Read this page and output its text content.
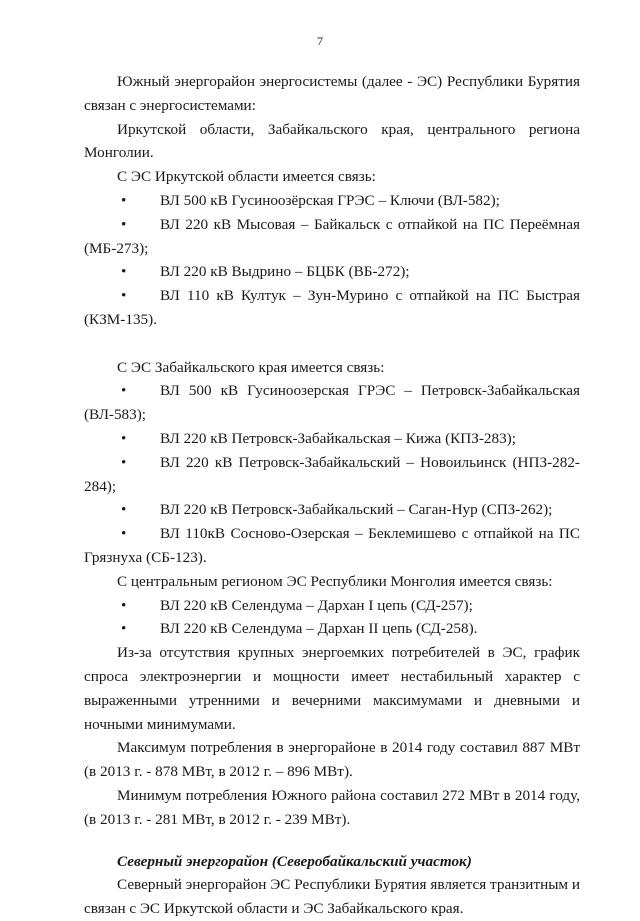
7

Южный энергорайон энергосистемы (далее - ЭС) Республики Бурятия связан с энергосистемами:

Иркутской области, Забайкальского края, центрального региона Монголии.

С ЭС Иркутской области имеется связь:

• ВЛ 500 кВ Гусиноозёрская ГРЭС – Ключи (ВЛ-582);

• ВЛ 220 кВ Мысовая – Байкальск с отпайкой на ПС Переёмная (МБ-273);

• ВЛ 220 кВ Выдрино – БЦБК (ВБ-272);

• ВЛ 110 кВ Култук – Зун-Мурино с отпайкой на ПС Быстрая (КЗМ-135).

С ЭС Забайкальского края имеется связь:

• ВЛ 500 кВ Гусиноозерская ГРЭС – Петровск-Забайкальская (ВЛ-583);

• ВЛ 220 кВ Петровск-Забайкальская – Кижа (КПЗ-283);

• ВЛ 220 кВ Петровск-Забайкальский – Новоильинск (НПЗ-282-284);

• ВЛ 220 кВ Петровск-Забайкальский – Саган-Нур (СПЗ-262);

• ВЛ 110кВ Сосново-Озерская – Беклемишево с отпайкой на ПС Грязнуха (СБ-123).

С центральным регионом ЭС Республики Монголия имеется связь:

• ВЛ 220 кВ Селендума – Дархан I цепь (СД-257);

• ВЛ 220 кВ Селендума – Дархан II цепь (СД-258).

Из-за отсутствия крупных энергоемких потребителей в ЭС, график спроса электроэнергии и мощности имеет нестабильный характер с выраженными утренними и вечерними максимумами и дневными и ночными минимумами.

Максимум потребления в энергорайоне в 2014 году составил 887 МВт (в 2013 г. - 878 МВт, в 2012 г. – 896 МВт).

Минимум потребления Южного района составил 272 МВт в 2014 году, (в 2013 г. - 281 МВт, в 2012 г. - 239 МВт).

Северный энергорайон (Северобайкальский участок)

Северный энергорайон ЭС Республики Бурятия является транзитным и связан с ЭС Иркутской области и ЭС Забайкальского края.
